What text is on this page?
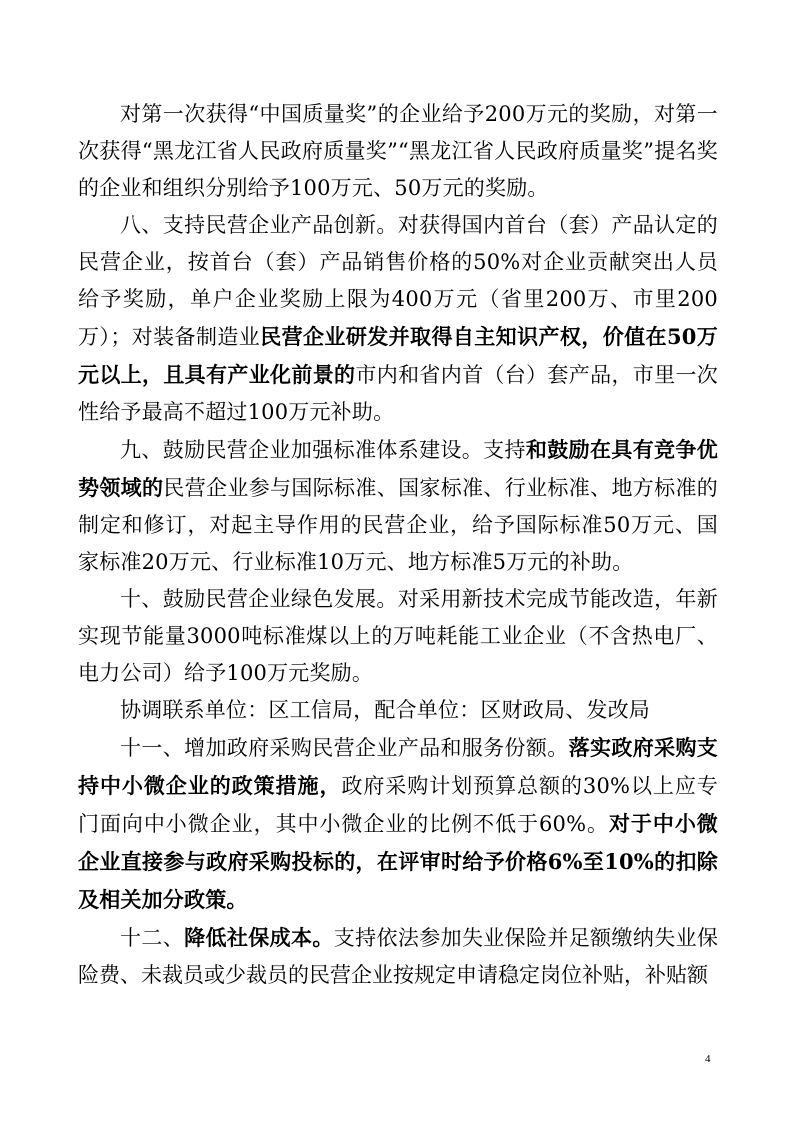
对第一次获得“中国质量奖”的企业给予200万元的奖励，对第一次获得“黑龙江省人民政府质量奖”“黑龙江省人民政府质量奖”提名奖的企业和组织分别给予100万元、50万元的奖励。

八、支持民营企业产品创新。对获得国内首台（套）产品认定的民营企业，按首台（套）产品销售价格的50%对企业贡献突出人员给予奖励，单户企业奖励上限为400万元（省里200万、市里200万）；对装备制造业民营企业研发并取得自主知识产权，价值在50万元以上，且具有产业化前景的市内和省内首（台）套产品，市里一次性给予最高不超过100万元补助。

九、鼓励民营企业加强标准体系建设。支持和鼓励在具有竞争优势领域的民营企业参与国际标准、国家标准、行业标准、地方标准的制定和修订，对起主导作用的民营企业，给予国际标准50万元、国家标准20万元、行业标准10万元、地方标准5万元的补助。

十、鼓励民营企业绿色发展。对采用新技术完成节能改造，年新实现节能量3000吨标准煤以上的万吨耗能工业企业（不含热电厂、电力公司）给予100万元奖励。

协调联系单位：区工信局，配合单位：区财政局、发改局

十一、增加政府采购民营企业产品和服务份额。落实政府采购支持中小微企业的政策措施，政府采购计划预算总额的30%以上应专门面向中小微企业，其中小微企业的比例不低于60%。对于中小微企业直接参与政府采购投标的，在评审时给予价格6%至10%的扣除及相关加分政策。

十二、降低社保成本。支持依法参加失业保险并足额缴纳失业保险费、未裁员或少裁员的民营企业按规定申请稳定岗位补贴，补贴额

4
